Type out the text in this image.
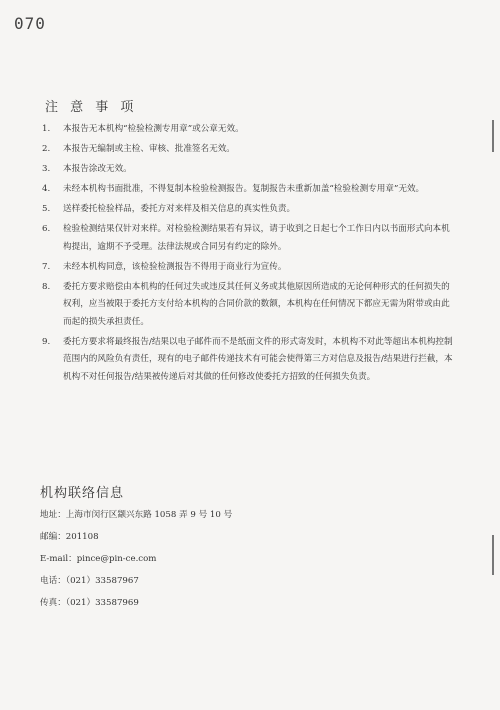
070
注 意 事 项
1. 本报告无本机构“检验检测专用章”或公章无效。
2. 本报告无编制或主检、审核、批准签名无效。
3. 本报告涂改无效。
4. 未经本机构书面批准，不得复制本检验检测报告。复制报告未重新加盖“检验检测专用章”无效。
5. 送样委托检验样品，委托方对来样及相关信息的真实性负责。
6. 检验检测结果仅针对来样。对检验检测结果若有异议，请于收到之日起七个工作日内以书面形式向本机构提出，逾期不予受理。法律法规或合同另有约定的除外。
7. 未经本机构同意，该检验检测报告不得用于商业行为宣传。
8. 委托方要求赔偿由本机构的任何过失或违反其任何义务或其他原因所造成的无论何种形式的任何损失的权利，应当被限于委托方支付给本机构的合同价款的数额，本机构在任何情况下都应无需为附带或由此而起的损失承担责任。
9. 委托方要求将最终报告/结果以电子邮件而不是纸面文件的形式寄发时，本机构不对此等超出本机构控制范围内的风险负有责任，现有的电子邮件传递技术有可能会使得第三方对信息及报告/结果进行拦截，本机构不对任何报告/结果被传递后对其做的任何修改使委托方招致的任何损失负责。
机构联络信息
地址：上海市闵行区颛兴东路 1058 弄 9 号 10 号
邮编：201108
E-mail：pince@pin-ce.com
电话：（021）33587967
传真：（021）33587969
